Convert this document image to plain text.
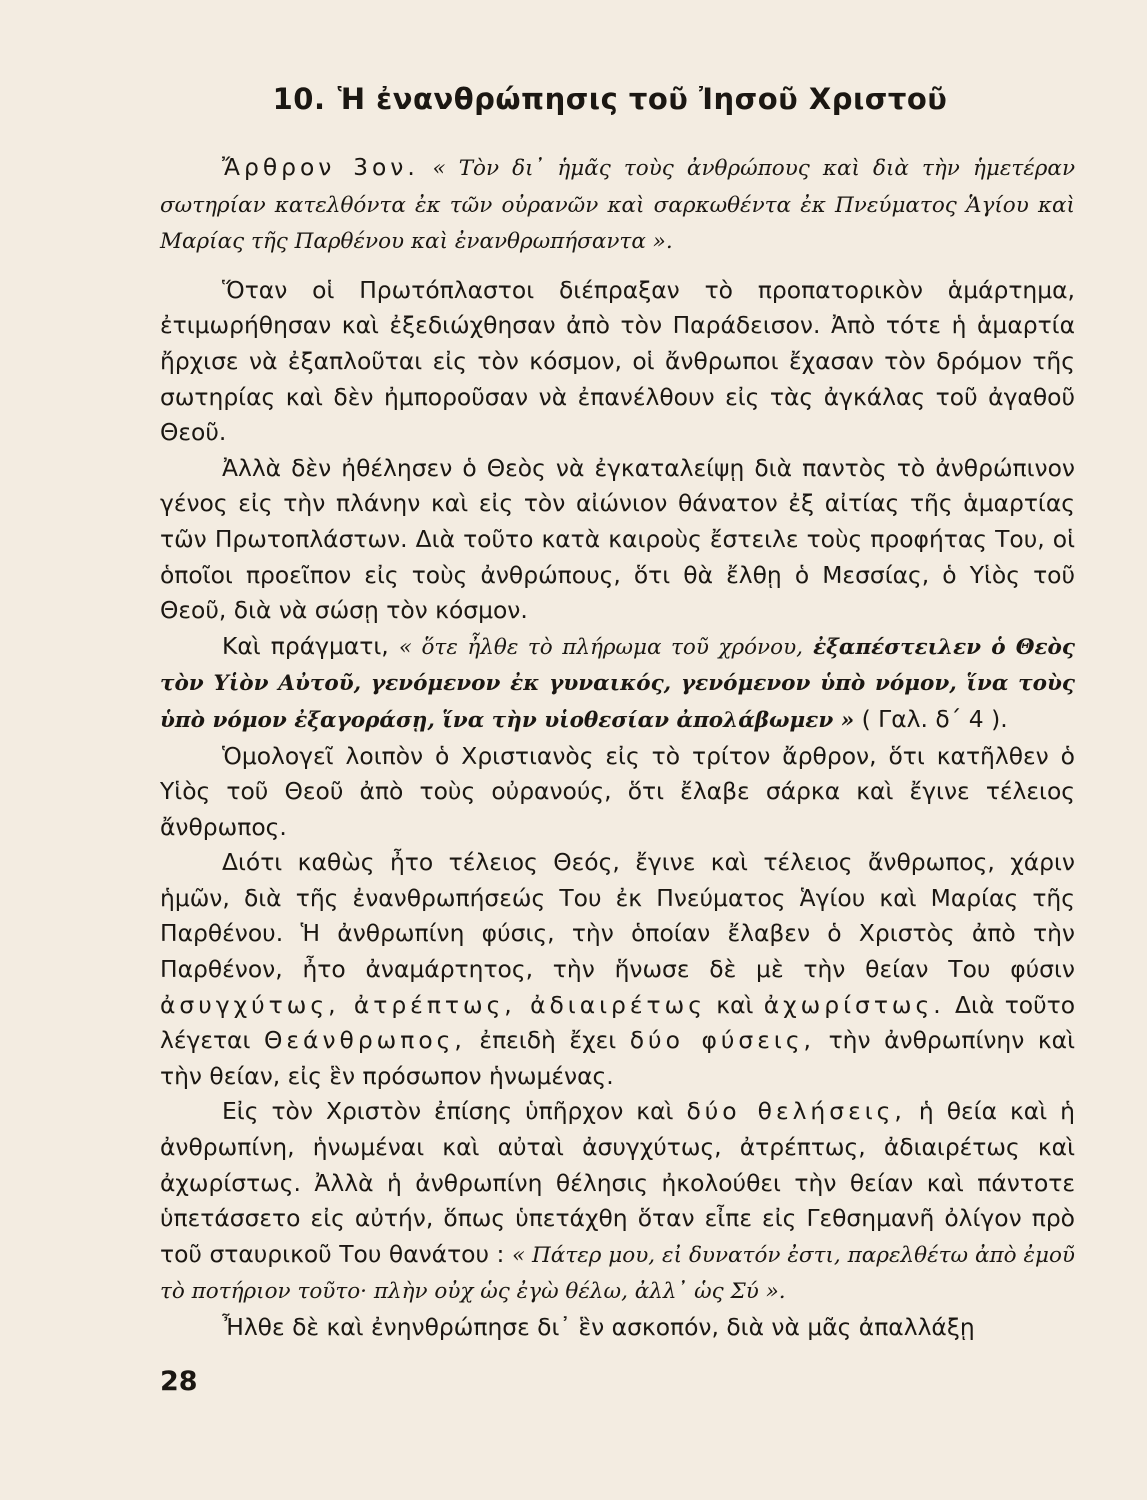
10. Ἡ ἐνανθρώπησις τοῦ Ἰησοῦ Χριστοῦ

Ἄρθρον 3ον. « Τὸν δι᾽ ἡμᾶς τοὺς ἀνθρώπους καὶ διὰ τὴν ἡμετέραν σωτηρίαν κατελθόντα ἐκ τῶν οὐρανῶν καὶ σαρκωθέντα ἐκ Πνεύματος Ἁγίου καὶ Μαρίας τῆς Παρθένου καὶ ἐνανθρωπήσαντα ».

Ὅταν οἱ Πρωτόπλαστοι διέπραξαν τὸ προπατορικὸν ἁμάρτημα, ἐτιμωρήθησαν καὶ ἐξεδιώχθησαν ἀπὸ τὸν Παράδεισον. Ἀπὸ τότε ἡ ἁμαρτία ἤρχισε νὰ ἐξαπλοῦται εἰς τὸν κόσμον, οἱ ἄνθρωποι ἔχασαν τὸν δρόμον τῆς σωτηρίας καὶ δὲν ἠμποροῦσαν νὰ ἐπανέλθουν εἰς τὰς ἀγκάλας τοῦ ἀγαθοῦ Θεοῦ.

Ἀλλὰ δὲν ἠθέλησεν ὁ Θεὸς νὰ ἐγκαταλείψῃ διὰ παντὸς τὸ ἀνθρώπινον γένος εἰς τὴν πλάνην καὶ εἰς τὸν αἰώνιον θάνατον ἐξ αἰτίας τῆς ἁμαρτίας τῶν Πρωτοπλάστων. Διὰ τοῦτο κατὰ καιροὺς ἔστειλε τοὺς προφήτας Του, οἱ ὁποῖοι προεῖπον εἰς τοὺς ἀνθρώπους, ὅτι θὰ ἔλθῃ ὁ Μεσσίας, ὁ Υἱὸς τοῦ Θεοῦ, διὰ νὰ σώσῃ τὸν κόσμον.

Καὶ πράγματι, « ὅτε ἦλθε τὸ πλήρωμα τοῦ χρόνου, ἐξαπέστειλεν ὁ Θεὸς τὸν Υἱὸν Αὐτοῦ, γενόμενον ἐκ γυναικός, γενόμενον ὑπὸ νόμον, ἵνα τοὺς ὑπὸ νόμον ἐξαγοράσῃ, ἵνα τὴν υἱοθεσίαν ἀπολάβωμεν » ( Γαλ. δ΄ 4 ).

Ὁμολογεῖ λοιπὸν ὁ Χριστιανὸς εἰς τὸ τρίτον ἄρθρον, ὅτι κατῆλθεν ὁ Υἱὸς τοῦ Θεοῦ ἀπὸ τοὺς οὐρανούς, ὅτι ἔλαβε σάρκα καὶ ἔγινε τέλειος ἄνθρωπος.

Διότι καθὼς ἦτο τέλειος Θεός, ἔγινε καὶ τέλειος ἄνθρωπος, χάριν ἡμῶν, διὰ τῆς ἐνανθρωπήσεώς Του ἐκ Πνεύματος Ἁγίου καὶ Μαρίας τῆς Παρθένου. Ἡ ἀνθρωπίνη φύσις, τὴν ὁποίαν ἔλαβεν ὁ Χριστὸς ἀπὸ τὴν Παρθένον, ἦτο ἀναμάρτητος, τὴν ἥνωσε δὲ μὲ τὴν θείαν Του φύσιν ἀσυγχύτως, ἀτρέπτως, ἀδιαιρέτως καὶ ἀχωρίστως. Διὰ τοῦτο λέγεται Θεάνθρωπος, ἐπειδὴ ἔχει δύο φύσεις, τὴν ἀνθρωπίνην καὶ τὴν θείαν, εἰς ἓν πρόσωπον ἡνωμένας.

Εἰς τὸν Χριστὸν ἐπίσης ὑπῆρχον καὶ δύο θελήσεις, ἡ θεία καὶ ἡ ἀνθρωπίνη, ἡνωμέναι καὶ αὐταὶ ἀσυγχύτως, ἀτρέπτως, ἀδιαιρέτως καὶ ἀχωρίστως. Ἀλλὰ ἡ ἀνθρωπίνη θέλησις ἠκολούθει τὴν θείαν καὶ πάντοτε ὑπετάσσετο εἰς αὐτήν, ὅπως ὑπετάχθη ὅταν εἶπε εἰς Γεθσημανῆ ὀλίγον πρὸ τοῦ σταυρικοῦ Του θανάτου : « Πάτερ μου, εἰ δυνατόν ἐστι, παρελθέτω ἀπὸ ἐμοῦ τὸ ποτήριον τοῦτο· πλὴν οὐχ ὡς ἐγὼ θέλω, ἀλλ᾽ ὡς Σύ ».

Ἦλθε δὲ καὶ ἐνηνθρώπησε δι᾽ ἓν ασκοπόν, διὰ νὰ μᾶς ἀπαλλάξῃ

28
